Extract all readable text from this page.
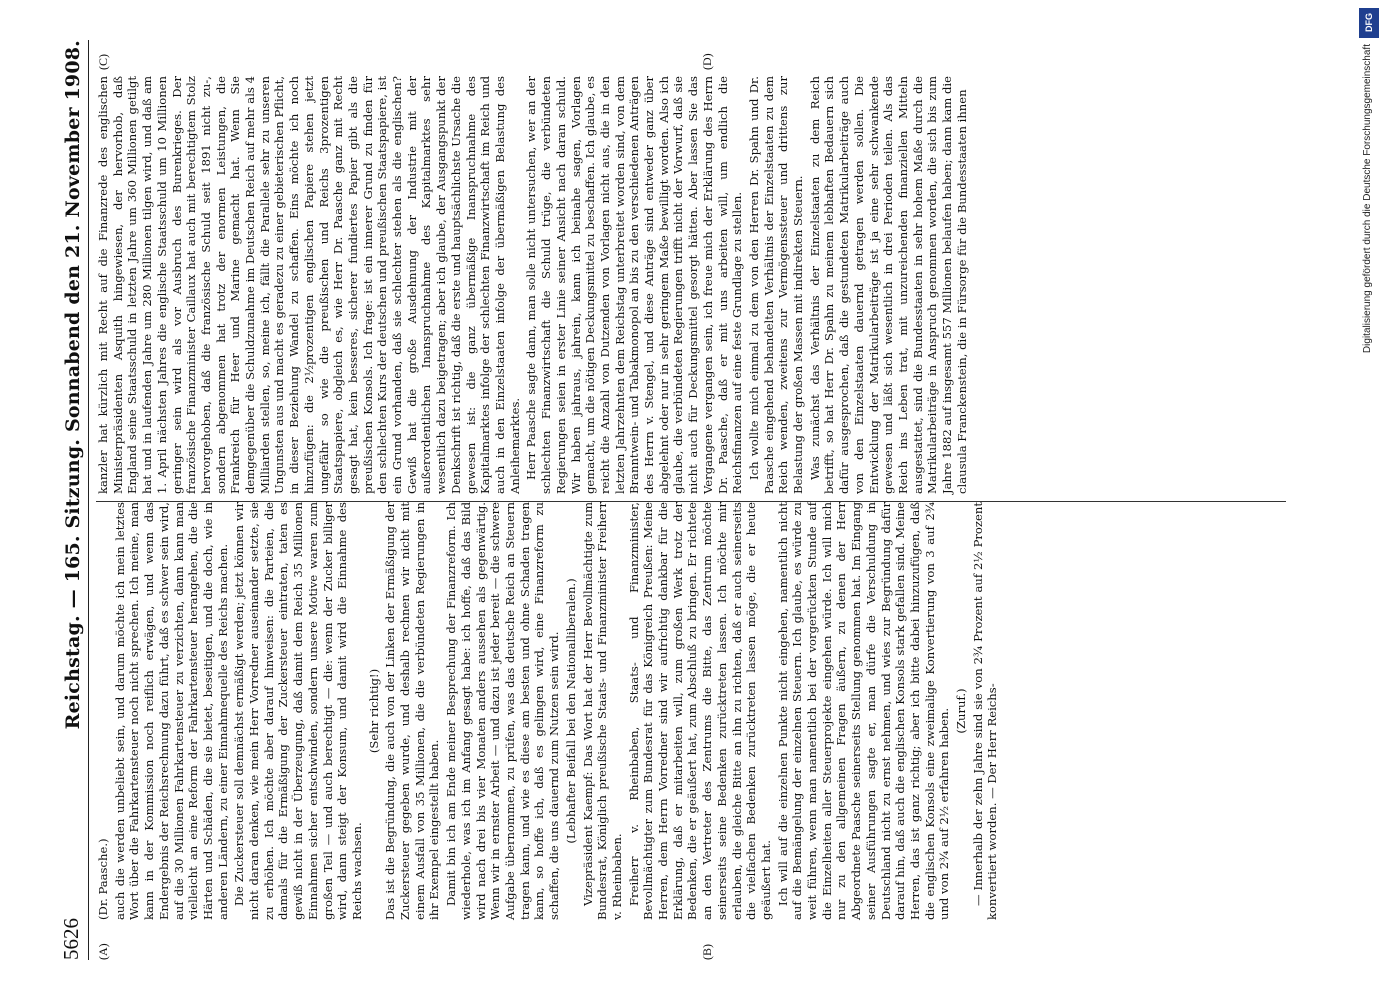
5626
Reichstag. — 165. Sitzung. Sonnabend den 21. November 1908.
(A)	(B)
(C)	(D)

(Dr. Paasche.) auch die werden unbeliebt sein, und darum möchte ich mein letztes Wort über die Fahrkartensteuer noch nicht sprechen. Ich meine, man kann in der Kommission noch reiflich erwägen, und wenn das Endergebnis der Reichsrechnung dazu führt, daß es schwer sein wird, auf die 30 Millionen Fahrkartensteuer zu verzichten, dann kann man vielleicht an eine Reform der Fahrkartensteuer herangehen, die die Härten und Schäden, die sie bietet, beseitigen, und die doch, wie in anderen Ländern, zu einer Einnahmequelle des Reichs machen. Die Zuckersteuer soll demnächst ermäßigt werden; jetzt können wir nicht daran denken, wie mein Herr Vorredner auseinander setzte, sie zu erhöhen. Ich möchte aber darauf hinweisen: die Parteien, die damals für die Ermäßigung der Zuckersteuer eintraten, taten es gewiß nicht in der Überzeugung, daß damit dem Reich 35 Millionen Einnahmen sicher entschwinden, sondern unsere Motive waren zum großen Teil — und auch berechtigt — die: wenn der Zucker billiger wird, dann steigt der Konsum, und damit wird die Einnahme des Reichs wachsen.

(Sehr richtig!) Das ist die Begründung, die auch von der Linken der Ermäßigung der Zuckersteuer gegeben wurde, und deshalb rechnen wir nicht mit einem Ausfall von 35 Millionen, die die verbündeten Regierungen in ihr Exempel eingestellt haben. Damit bin ich am Ende meiner Besprechung der Finanzreform. Ich wiederhole, was ich im Anfang gesagt habe: ich hoffe, daß das Bild wird nach drei bis vier Monaten anders aussehen als gegenwärtig. Wenn wir in ernster Arbeit — und dazu ist jeder bereit — die schwere Aufgabe übernommen, zu prüfen, was das deutsche Reich an Steuern tragen kann, und wie es diese am besten und ohne Schaden tragen kann, so hoffe ich, daß es gelingen wird, eine Finanzreform zu schaffen, die uns dauernd zum Nutzen sein wird. (Lebhafter Beifall bei den Nationalliberalen.) Vizepräsident Kaempf: Das Wort hat der Herr Bevollmächtigte zum Bundesrat, Königlich preußische Staats- und Finanzminister Freiherr v. Rheinbaben. Freiherr v. Rheinbaben, Staats- und Finanzminister, Bevollmächtigter zum Bundesrat für das Königreich Preußen: Meine Herren, dem Herrn Vorredner sind wir aufrichtig dankbar für die Erklärung, daß er mitarbeiten will, zum großen Werk trotz der Bedenken, die er geäußert hat, zum Abschluß zu bringen. Er richtete an den Vertreter des Zentrums die Bitte, das Zentrum möchte seinerseits seine Bedenken zurücktreten lassen. Ich möchte mir erlauben, die gleiche Bitte an ihn zu richten, daß er auch seinerseits die vielfachen Bedenken zurücktreten lassen möge, die er heute geäußert hat. Ich will auf die einzelnen Punkte nicht eingehen, namentlich nicht auf die Bemängelung der einzelnen Steuern. Ich glaube, es würde zu weit führen, wenn man namentlich bei der vorgerückten Stunde auf die Einzelheiten aller Steuerprojekte eingehen würde. Ich will mich nur zu den allgemeinen Fragen äußern, zu denen der Herr Abgeordnete Paasche seinerseits Stellung genommen hat. Im Eingang seiner Ausführungen sagte er, man dürfe die Verschuldung in Deutschland nicht zu ernst nehmen, und wies zur Begründung dafür darauf hin, daß auch die englischen Konsols stark gefallen sind. Meine Herren, das ist ganz richtig; aber ich bitte dabei hinzuzufügen, daß die englischen Konsols eine zweimalige Konvertierung von 3 auf 2¾ und von 2¾ auf 2½ erfahren haben. (Zuruf.) — Innerhalb der zehn Jahre sind sie von 2¾ Prozent auf 2½ Prozent konvertiert worden. — Der Herr Reichs-

kanzler hat kürzlich mit Recht auf die Finanzrede des englischen Ministerpräsidenten Asquith hingewiesen, der hervorhob, daß England seine Staatsschuld in letzten Jahre um 360 Millionen getilgt hat und in laufenden Jahre um 280 Millionen tilgen wird, und daß am 1. April nächsten Jahres die englische Staatsschuld um 10 Millionen geringer sein wird als vor Ausbruch des Burenkrieges. Der französische Finanzminister Caillaux hat auch mit berechtigtem Stolz hervorgehoben, daß die französische Schuld seit 1891 nicht zu-, sondern abgenommen hat trotz der enormen Leistungen, die Frankreich für Heer und Marine gemacht hat. Wenn Sie demgegenüber die Schuldzunahme im Deutschen Reich auf mehr als 4 Milliarden stellen, so, meine ich, fällt die Parallele sehr zu unseren Ungunsten aus und macht es geradezu zu einer gebieterischen Pflicht, in dieser Beziehung Wandel zu schaffen. Eins möchte ich noch hinzufügen: die 2½prozentigen englischen Papiere stehen jetzt ungefähr so wie die preußischen und Reichs 3prozentigen Staatspapiere, obgleich es, wie Herr Dr. Paasche ganz mit Recht gesagt hat, kein besseres, sicherer fundiertes Papier gibt als die preußischen Konsols. Ich frage: ist ein innerer Grund zu finden für den schlechten Kurs der deutschen und preußischen Staatspapiere, ist ein Grund vorhanden, daß sie schlechter stehen als die englischen? Gewiß hat die große Ausdehnung der Industrie mit der außerordentlichen Inanspruchnahme des Kapitalmarktes sehr wesentlich dazu beigetragen; aber ich glaube, der Ausgangspunkt der Denkschrift ist richtig, daß die erste und hauptsächlichste Ursache die gewesen ist: die ganz übermäßige Inanspruchnahme des Kapitalmarktes infolge der schlechten Finanzwirtschaft im Reich und auch in den Einzelstaaten infolge der übermäßigen Belastung des Anleihemarktes. Herr Paasche sagte dann, man solle nicht untersuchen, wer an der schlechten Finanzwirtschaft die Schuld trüge, die verbündeten Regierungen seien in erster Linie seiner Ansicht nach daran schuld. Wir haben jahraus, jahrein, kann ich beinahe sagen, Vorlagen gemacht, um die nötigen Deckungsmittel zu beschaffen. Ich glaube, es reicht die Anzahl von Dutzenden von Vorlagen nicht aus, die in den letzten Jahrzehnten dem Reichstag unterbreitet worden sind, von dem Branntwein- und Tabakmonopol an bis zu den verschiedenen Anträgen des Herrn v. Stengel, und diese Anträge sind entweder ganz über abgelehnt oder nur in sehr geringem Maße bewilligt worden. Also ich glaube, die verbündeten Regierungen trifft nicht der Vorwurf, daß sie nicht auch für Deckungsmittel gesorgt hätten. Aber lassen Sie das Vergangene vergangen sein, ich freue mich der Erklärung des Herrn Dr. Paasche, daß er mit uns arbeiten will, um endlich die Reichsfinanzen auf eine feste Grundlage zu stellen. Ich wollte mich einmal zu dem von den Herren Dr. Spahn und Dr. Paasche eingehend behandelten Verhältnis der Einzelstaaten zu dem Reich wenden, zweitens zur Vermögenssteuer und drittens zur Belastung der großen Massen mit indirekten Steuern. Was zunächst das Verhältnis der Einzelstaaten zu dem Reich betrifft, so hat Herr Dr. Spahn zu meinem lebhaften Bedauern sich dafür ausgesprochen, daß die gestundeten Matrikularbeiträge auch von den Einzelstaaten dauernd getragen werden sollen. Die Entwicklung der Matrikularbeiträge ist ja eine sehr schwankende gewesen und läßt sich wesentlich in drei Perioden teilen. Als das Reich ins Leben trat, mit unzureichenden finanziellen Mitteln ausgestattet, sind die Bundesstaaten in sehr hohem Maße durch die Matrikularbeiträge in Anspruch genommen worden, die sich bis zum Jahre 1882 auf insgesamt 557 Millionen belaufen haben; dann kam die clausula Franckenstein, die in Fürsorge für die Bundesstaaten ihnen

DFG
Digitalisierung gefördert durch die Deutsche Forschungsgemeinschaft
